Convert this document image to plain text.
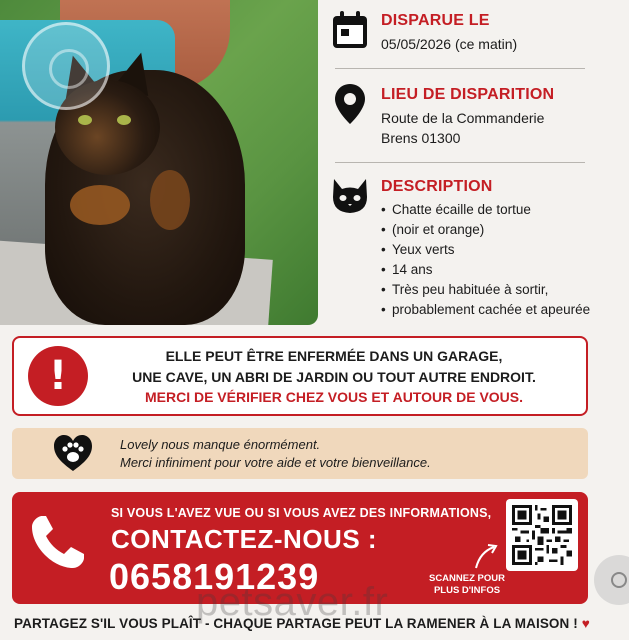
DISPARUE LE
05/05/2026 (ce matin)
LIEU DE DISPARITION
Route de la Commanderie
Brens 01300
DESCRIPTION
• Chatte écaille de tortue
• (noir et orange)
• Yeux verts
• 14 ans
• Très peu habituée à sortir,
• probablement cachée et apeurée
!	ELLE PEUT ÊTRE ENFERMÉE DANS UN GARAGE,
UNE CAVE, UN ABRI DE JARDIN OU TOUT AUTRE ENDROIT.
MERCI DE VÉRIFIER CHEZ VOUS ET AUTOUR DE VOUS.
Lovely nous manque énormément.
Merci infiniment pour votre aide et votre bienveillance.
SI VOUS L'AVEZ VUE OU SI VOUS AVEZ DES INFORMATIONS,
CONTACTEZ-NOUS :
0658191239	SCANNEZ POUR
PLUS D'INFOS
petsaver.fr
PARTAGEZ S'IL VOUS PLAÎT - CHAQUE PARTAGE PEUT LA RAMENER À LA MAISON ! ♥
